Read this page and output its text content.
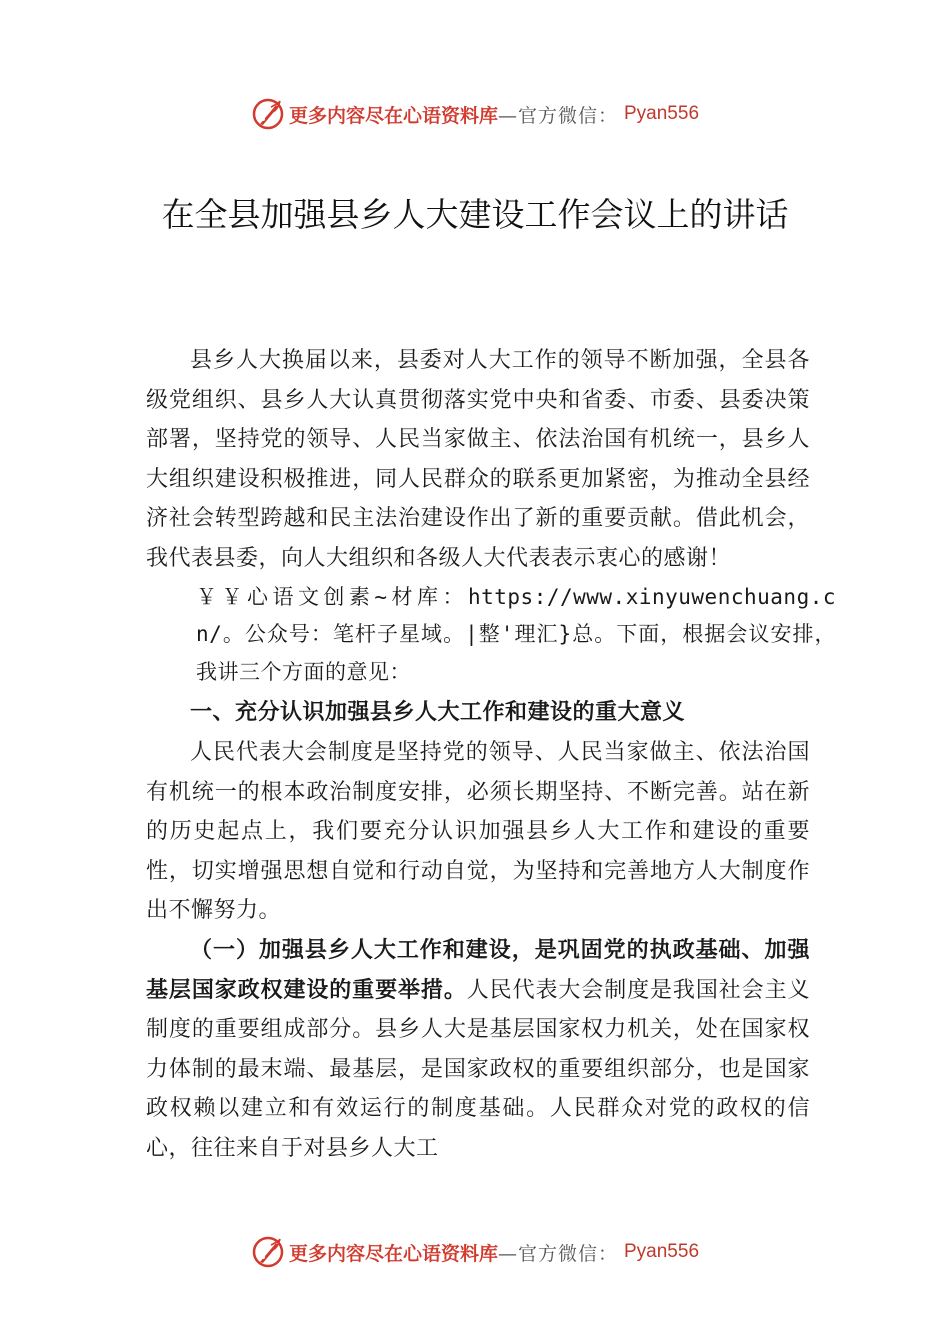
更多内容尽在心语资料库 —官方微信： Pyan556
在全县加强县乡人大建设工作会议上的讲话

县乡人大换届以来，县委对人大工作的领导不断加强，全县各级党组织、县乡人大认真贯彻落实党中央和省委、市委、县委决策部署，坚持党的领导、人民当家做主、依法治国有机统一，县乡人大组织建设积极推进，同人民群众的联系更加紧密，为推动全县经济社会转型跨越和民主法治建设作出了新的重要贡献。借此机会，我代表县委，向人大组织和各级人大代表表示衷心的感谢！

￥￥心语文创素~材库：https://www.xinyuwenchuang.cn/。公众号：笔杆子星域。|整'理汇}总。下面，根据会议安排，我讲三个方面的意见：

一、充分认识加强县乡人大工作和建设的重大意义

人民代表大会制度是坚持党的领导、人民当家做主、依法治国有机统一的根本政治制度安排，必须长期坚持、不断完善。站在新的历史起点上，我们要充分认识加强县乡人大工作和建设的重要性，切实增强思想自觉和行动自觉，为坚持和完善地方人大制度作出不懈努力。

（一）加强县乡人大工作和建设，是巩固党的执政基础、加强基层国家政权建设的重要举措。人民代表大会制度是我国社会主义制度的重要组成部分。县乡人大是基层国家权力机关，处在国家权力体制的最末端、最基层，是国家政权的重要组织部分，也是国家政权赖以建立和有效运行的制度基础。人民群众对党的政权的信心，往往来自于对县乡人大工

更多内容尽在心语资料库 —官方微信： Pyan556
